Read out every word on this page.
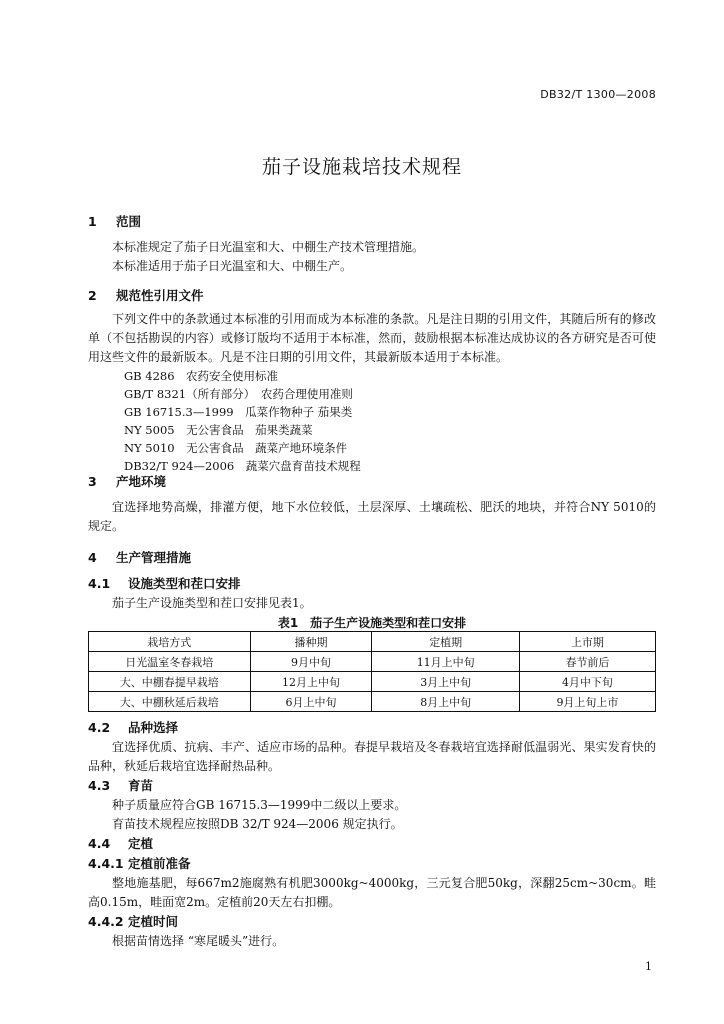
DB32/T 1300—2008
茄子设施栽培技术规程
1 范围

本标准规定了茄子日光温室和大、中棚生产技术管理措施。

本标准适用于茄子日光温室和大、中棚生产。

2 规范性引用文件

下列文件中的条款通过本标准的引用而成为本标准的条款。凡是注日期的引用文件，其随后所有的修改单（不包括勘误的内容）或修订版均不适用于本标准，然而，鼓励根据本标准达成协议的各方研究是否可使用这些文件的最新版本。凡是不注日期的引用文件，其最新版本适用于本标准。

GB 4286　农药安全使用标准

GB/T 8321（所有部分）　农药合理使用准则

GB 16715.3—1999　瓜菜作物种子 茄果类

NY 5005　无公害食品　茄果类蔬菜

NY 5010　无公害食品　蔬菜产地环境条件

DB32/T 924—2006　蔬菜穴盘育苗技术规程

3 产地环境

宜选择地势高燥，排灌方便，地下水位较低，土层深厚、土壤疏松、肥沃的地块，并符合NY 5010的规定。

4 生产管理措施
4.1 设施类型和茬口安排

茄子生产设施类型和茬口安排见表1。

表1　茄子生产设施类型和茬口安排
栽培方式	播种期	定植期	上市期
日光温室冬春栽培	9月中旬	11月上中旬	春节前后
大、中棚春提早栽培	12月上中旬	3月上中旬	4月中下旬
大、中棚秋延后栽培	6月上中旬	8月上中旬	9月上旬上市
4.2 品种选择

宜选择优质、抗病、丰产、适应市场的品种。春提早栽培及冬春栽培宜选择耐低温弱光、果实发育快的品种，秋延后栽培宜选择耐热品种。

4.3 育苗

种子质量应符合GB 16715.3—1999中二级以上要求。

育苗技术规程应按照DB 32/T 924—2006 规定执行。

4.4 定植
4.4.1 定植前准备

整地施基肥，每667m2施腐熟有机肥3000kg~4000kg，三元复合肥50kg，深翻25cm~30cm。畦高0.15m，畦面宽2m。定植前20天左右扣棚。

4.4.2 定植时间

根据苗情选择 “寒尾暖头”进行。

1
